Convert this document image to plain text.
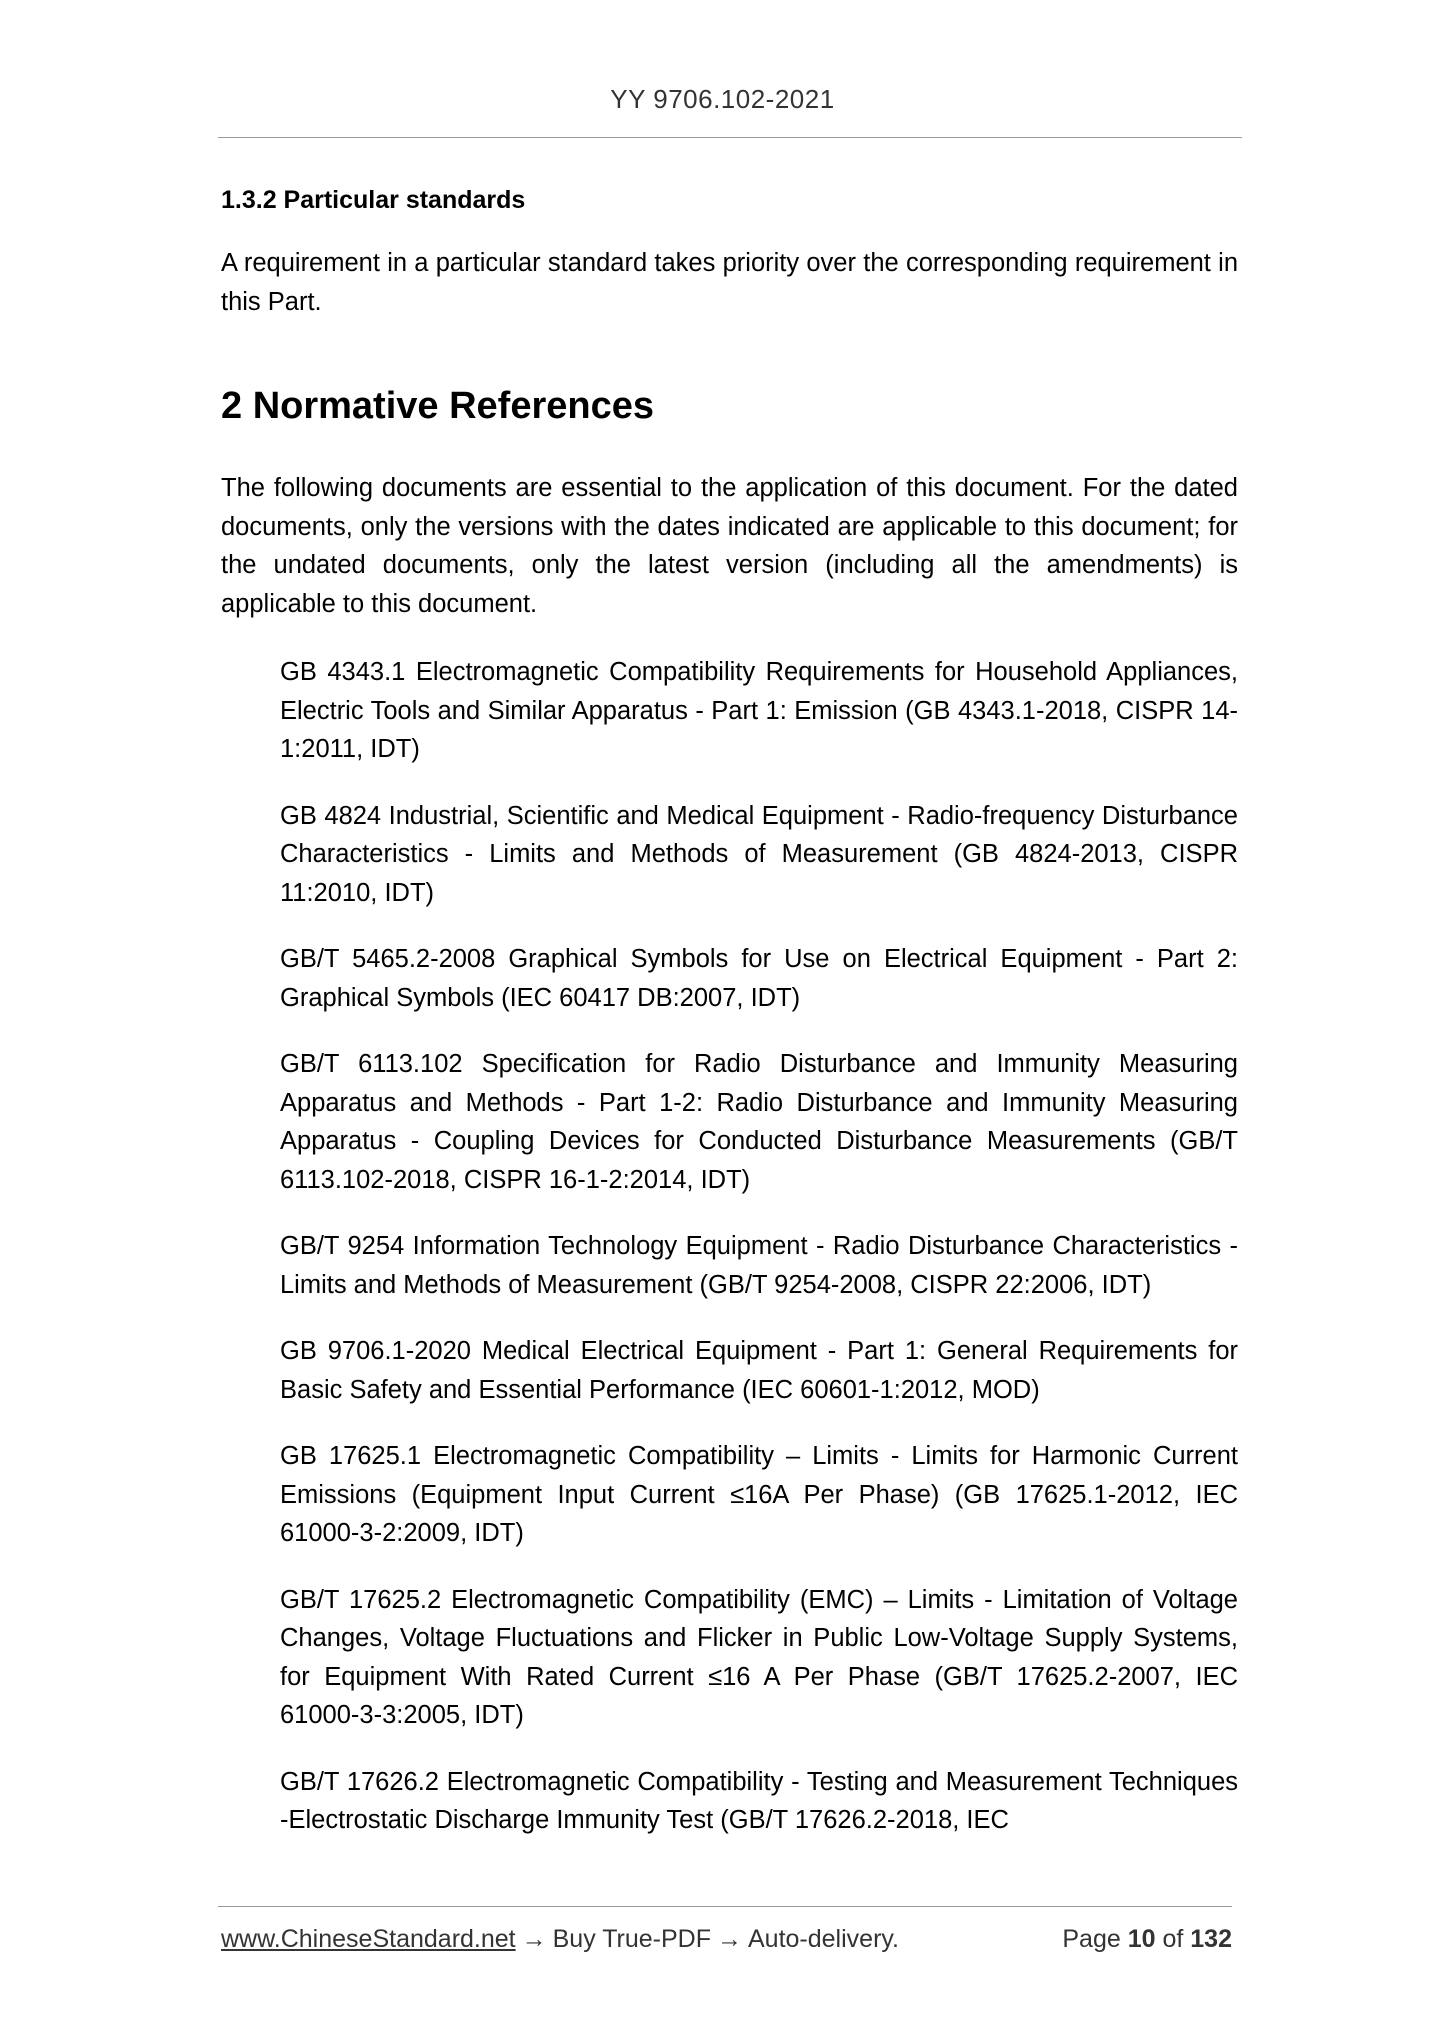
YY 9706.102-2021
1.3.2 Particular standards

A requirement in a particular standard takes priority over the corresponding requirement in this Part.

2 Normative References

The following documents are essential to the application of this document. For the dated documents, only the versions with the dates indicated are applicable to this document; for the undated documents, only the latest version (including all the amendments) is applicable to this document.

GB 4343.1 Electromagnetic Compatibility Requirements for Household Appliances, Electric Tools and Similar Apparatus - Part 1: Emission (GB 4343.1-2018, CISPR 14-1:2011, IDT)
GB 4824 Industrial, Scientific and Medical Equipment - Radio-frequency Disturbance Characteristics - Limits and Methods of Measurement (GB 4824-2013, CISPR 11:2010, IDT)
GB/T 5465.2-2008 Graphical Symbols for Use on Electrical Equipment - Part 2: Graphical Symbols (IEC 60417 DB:2007, IDT)
GB/T 6113.102 Specification for Radio Disturbance and Immunity Measuring Apparatus and Methods - Part 1-2: Radio Disturbance and Immunity Measuring Apparatus - Coupling Devices for Conducted Disturbance Measurements (GB/T 6113.102-2018, CISPR 16-1-2:2014, IDT)
GB/T 9254 Information Technology Equipment - Radio Disturbance Characteristics - Limits and Methods of Measurement (GB/T 9254-2008, CISPR 22:2006, IDT)
GB 9706.1-2020 Medical Electrical Equipment - Part 1: General Requirements for Basic Safety and Essential Performance (IEC 60601-1:2012, MOD)
GB 17625.1 Electromagnetic Compatibility – Limits - Limits for Harmonic Current Emissions (Equipment Input Current ≤16A Per Phase) (GB 17625.1-2012, IEC 61000-3-2:2009, IDT)
GB/T 17625.2 Electromagnetic Compatibility (EMC) – Limits - Limitation of Voltage Changes, Voltage Fluctuations and Flicker in Public Low-Voltage Supply Systems, for Equipment With Rated Current ≤16 A Per Phase (GB/T 17625.2-2007, IEC 61000-3-3:2005, IDT)
GB/T 17626.2 Electromagnetic Compatibility - Testing and Measurement Techniques -Electrostatic Discharge Immunity Test (GB/T 17626.2-2018, IEC
www.ChineseStandard.net → Buy True-PDF → Auto-delivery.	Page 10 of 132
